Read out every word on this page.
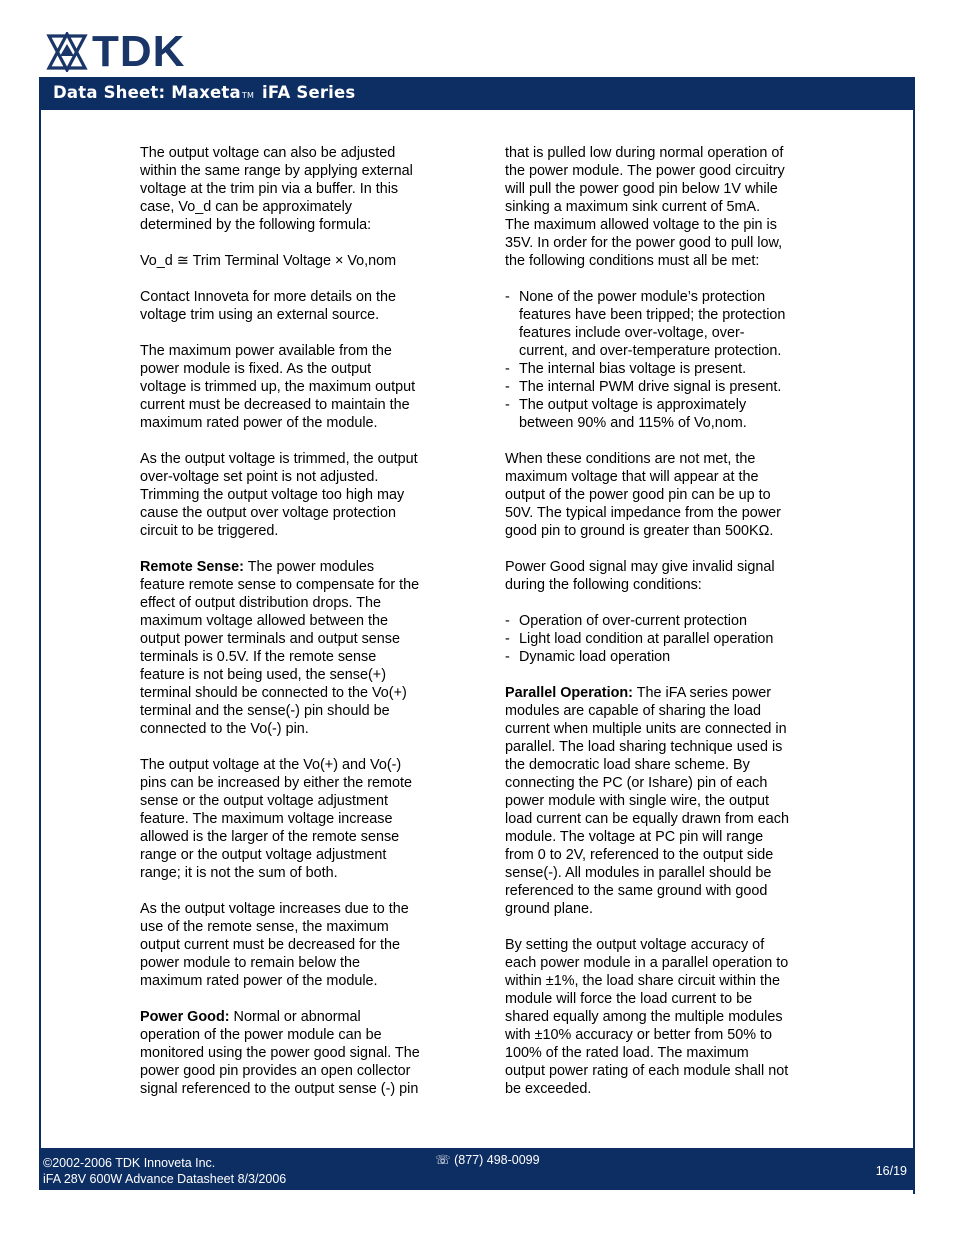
TDK
Data Sheet: MaxetaTM iFA Series

The output voltage can also be adjusted
within the same range by applying external
voltage at the trim pin via a buffer. In this
case, Vo_d can be approximately
determined by the following formula:

Vo_d ≅ Trim Terminal Voltage × Vo,nom

Contact Innoveta for more details on the
voltage trim using an external source.

The maximum power available from the
power module is fixed. As the output
voltage is trimmed up, the maximum output
current must be decreased to maintain the
maximum rated power of the module.

As the output voltage is trimmed, the output
over-voltage set point is not adjusted.
Trimming the output voltage too high may
cause the output over voltage protection
circuit to be triggered.

Remote Sense: The power modules
feature remote sense to compensate for the
effect of output distribution drops. The
maximum voltage allowed between the
output power terminals and output sense
terminals is 0.5V. If the remote sense
feature is not being used, the sense(+)
terminal should be connected to the Vo(+)
terminal and the sense(-) pin should be
connected to the Vo(-) pin.

The output voltage at the Vo(+) and Vo(-)
pins can be increased by either the remote
sense or the output voltage adjustment
feature. The maximum voltage increase
allowed is the larger of the remote sense
range or the output voltage adjustment
range; it is not the sum of both.

As the output voltage increases due to the
use of the remote sense, the maximum
output current must be decreased for the
power module to remain below the
maximum rated power of the module.

Power Good: Normal or abnormal
operation of the power module can be
monitored using the power good signal. The
power good pin provides an open collector
signal referenced to the output sense (-) pin

that is pulled low during normal operation of
the power module. The power good circuitry
will pull the power good pin below 1V while
sinking a maximum sink current of 5mA.
The maximum allowed voltage to the pin is
35V. In order for the power good to pull low,
the following conditions must all be met:

- None of the power module’s protection
features have been tripped; the protection
features include over-voltage, over-
current, and over-temperature protection.
- The internal bias voltage is present.
- The internal PWM drive signal is present.
- The output voltage is approximately
between 90% and 115% of Vo,nom.

When these conditions are not met, the
maximum voltage that will appear at the
output of the power good pin can be up to
50V. The typical impedance from the power
good pin to ground is greater than 500KΩ.

Power Good signal may give invalid signal
during the following conditions:

- Operation of over-current protection
- Light load condition at parallel operation
- Dynamic load operation

Parallel Operation: The iFA series power
modules are capable of sharing the load
current when multiple units are connected in
parallel. The load sharing technique used is
the democratic load share scheme. By
connecting the PC (or Ishare) pin of each
power module with single wire, the output
load current can be equally drawn from each
module. The voltage at PC pin will range
from 0 to 2V, referenced to the output side
sense(-). All modules in parallel should be
referenced to the same ground with good
ground plane.

By setting the output voltage accuracy of
each power module in a parallel operation to
within ±1%, the load share circuit within the
module will force the load current to be
shared equally among the multiple modules
with ±10% accuracy or better from 50% to
100% of the rated load. The maximum
output power rating of each module shall not
be exceeded.

©2002-2006 TDK Innoveta Inc.
iFA 28V 600W Advance Datasheet 8/3/2006
☏ (877) 498-0099
16/19
